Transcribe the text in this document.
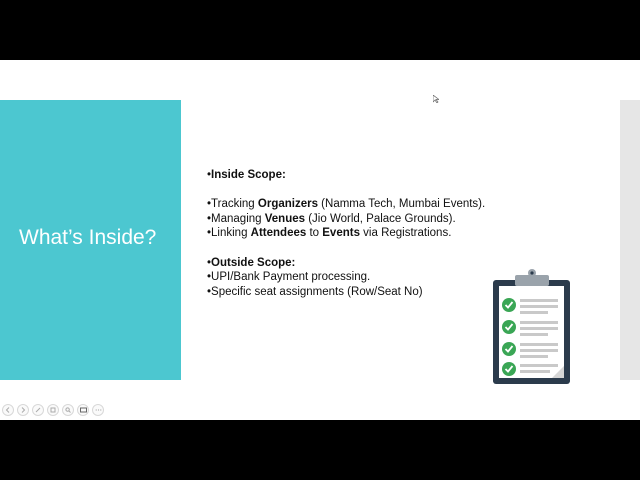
What’s Inside?
•Inside Scope:
•Tracking Organizers (Namma Tech, Mumbai Events).
•Managing Venues (Jio World, Palace Grounds).
•Linking Attendees to Events via Registrations.
•Outside Scope:
•UPI/Bank Payment processing.
•Specific seat assignments (Row/Seat No)
